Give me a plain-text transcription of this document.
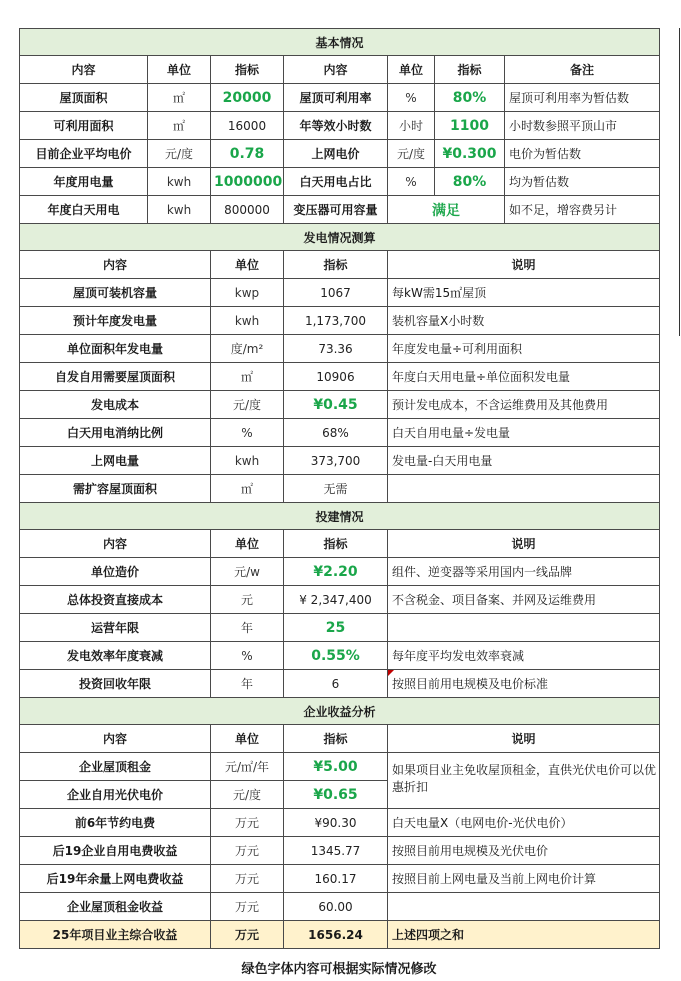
基本情况						
内容	单位	指标	内容	单位	指标	备注
屋顶面积	㎡	20000	屋顶可利用率	%	80%	屋顶可利用率为暂估数
可利用面积	㎡	16000	年等效小时数	小时	1100	小时数参照平顶山市
目前企业平均电价	元/度	0.78	上网电价	元/度	¥0.300	电价为暂估数
年度用电量	kwh	1000000	白天用电占比	%	80%	均为暂估数
年度白天用电	kwh	800000	变压器可用容量	满足		如不足，增容费另计
发电情况测算						
内容		单位	指标	说明		
屋顶可装机容量		kwp	1067	每kW需15㎡屋顶		
预计年度发电量		kwh	1,173,700	装机容量X小时数		
单位面积年发电量		度/m²	73.36	年度发电量÷可利用面积		
自发自用需要屋顶面积		㎡	10906	年度白天用电量÷单位面积发电量		
发电成本		元/度	¥0.45	预计发电成本，不含运维费用及其他费用		
白天用电消纳比例		%	68%	白天自用电量÷发电量		
上网电量		kwh	373,700	发电量-白天用电量		
需扩容屋顶面积		㎡	无需			
投建情况						
内容		单位	指标	说明		
单位造价		元/w	¥2.20	组件、逆变器等采用国内一线品牌		
总体投资直接成本		元	¥ 2,347,400	不含税金、项目备案、并网及运维费用		
运营年限		年	25			
发电效率年度衰减		%	0.55%	每年度平均发电效率衰减		
投资回收年限		年	6	按照目前用电规模及电价标准		
企业收益分析						
内容		单位	指标	说明		
企业屋顶租金		元/㎡/年	¥5.00	如果项目业主免收屋顶租金，直供光伏电价可以优惠折扣		
企业自用光伏电价		元/度	¥0.65			
前6年节约电费		万元	¥90.30	白天电量X（电网电价-光伏电价）		
后19企业自用电费收益		万元	1345.77	按照目前用电规模及光伏电价		
后19年余量上网电费收益		万元	160.17	按照目前上网电量及当前上网电价计算		
企业屋顶租金收益		万元	60.00			
25年项目业主综合收益		万元	1656.24	上述四项之和		
绿色字体内容可根据实际情况修改
